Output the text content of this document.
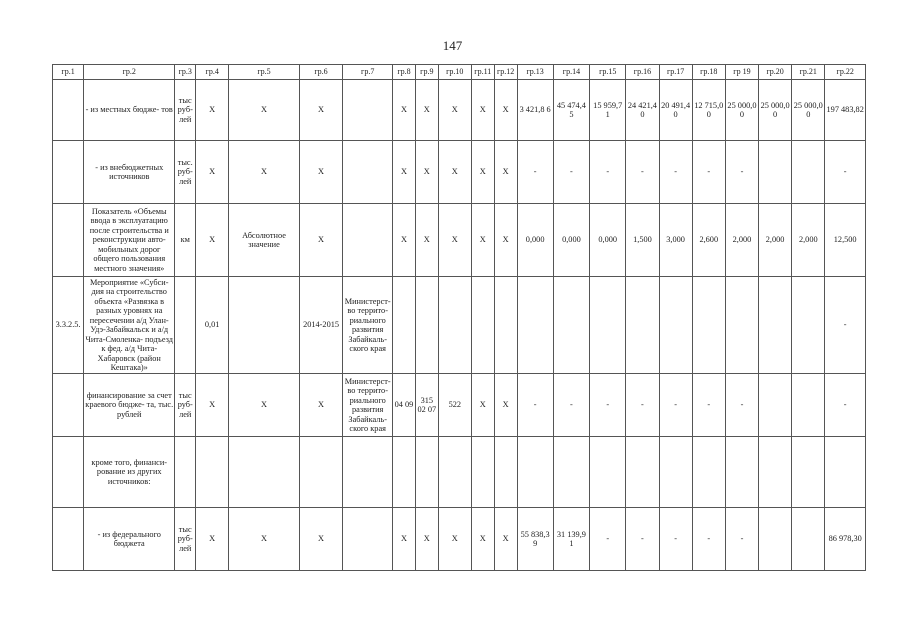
147
гр.1	гр.2	гр.3	гр.4	гр.5	гр.6	гр.7	гр.8	гр.9	гр.10	гр.11	гр.12	гр.13	гр.14	гр.15	гр.16	гр.17	гр.18	гр 19	гр.20	гр.21	гр.22
	- из местных бюдже- тов	тыс рyб- лей	X	X	X		X	X	X	X	X	3 421,8 6	45 474,4 5	15 959,7 1	24 421,4 0	20 491,4 0	12 715,0 0	25 000,0 0	25 000,0 0	25 000,0 0	197 483,82
	- из внебюджетных источников	тыс. руб- лей	X	X	X		X	X	X	X	X	-	-	-	-	-	-	-			-
	Показатель «Объемы ввода в эксплуатацию после строительства и реконструкции авто- мобильных дорог общего пользования местного значения»	км	X	Абсолютное значение	X		X	X	X	X	X	0,000	0,000	0,000	1,500	3,000	2,600	2,000	2,000	2,000	12,500
3.3.2.5.	Мероприятие «Субси- дия на строительство объекта «Развязка в разных уровнях на пересечении а/д Улан- Удэ-Забайкальск и а/д Чита-Смоленка- подъезд к фед. а/д Чита-Хабаровск (район Кештака)»		0,01		2014-2015	Министерст- во террито- риального развития Забайкаль- ского края															-
	финансирование за счет краевого бюдже- та, тыс. рублей	тыс руб- лей	X	X	X	Министерст- во террито- риального развития Забайкаль- ского края	04 09	315 02 07	522	X	X	-	-	-	-	-	-	-			-
	кроме того, финанси- рование из других источников:																				
	- из федерального бюджета	тыс руб- лей	X	X	X		X	X	X	X	X	55 838,3 9	31 139,9 1	-	-	-	-	-			86 978,30
